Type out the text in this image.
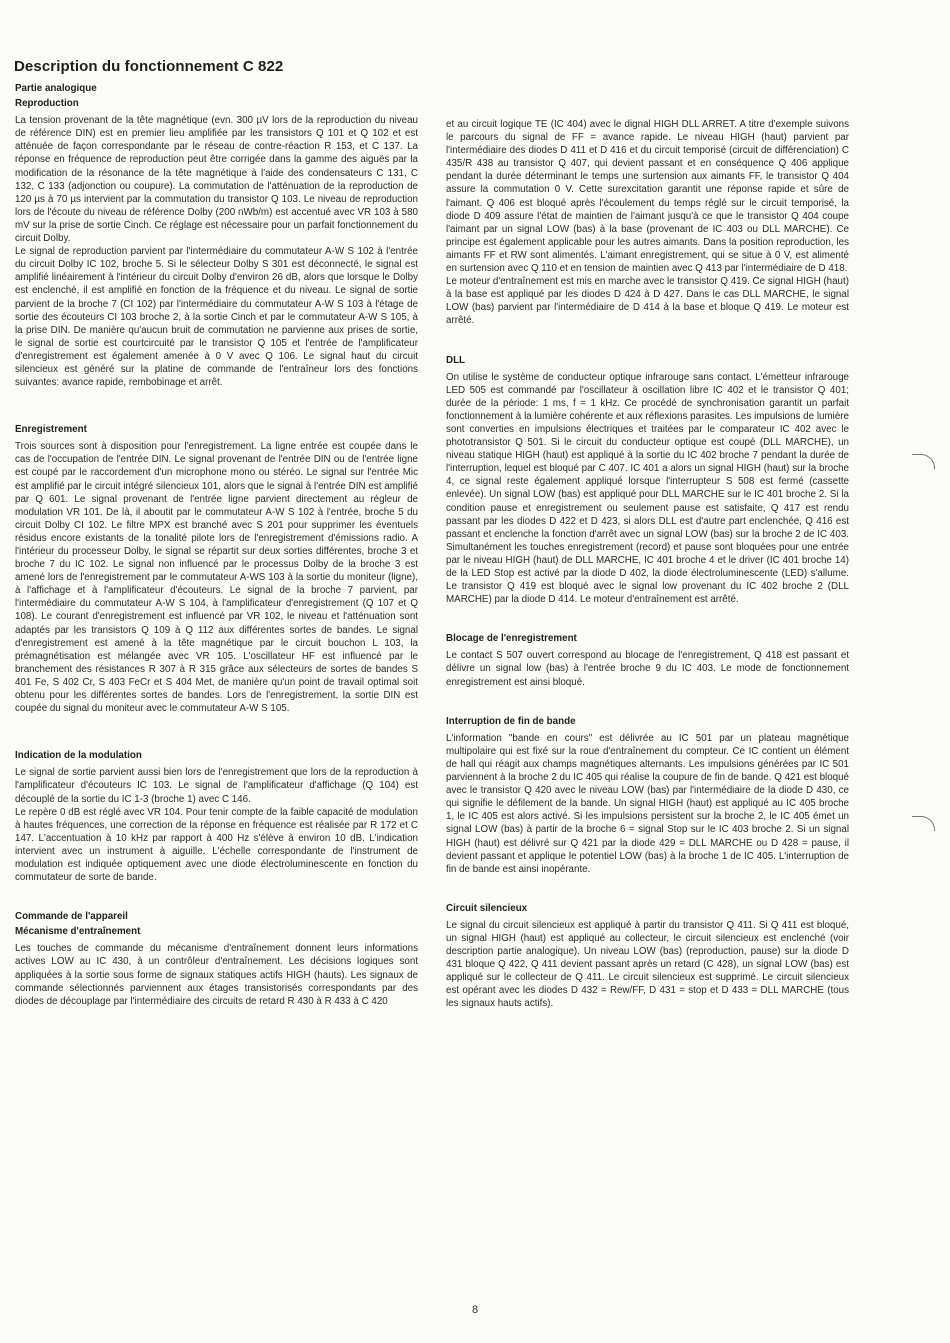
Description du fonctionnement C 822
Partie analogique
Reproduction

La tension provenant de la tête magnétique (evn. 300 µV lors de la reproduction du niveau de référence DIN) est en premier lieu amplifiée par les transistors Q 101 et Q 102 et est atténuée de façon correspondante par le réseau de contre-réaction R 153, et C 137. La réponse en fréquence de reproduction peut être corrigée dans la gamme des aiguës par la modification de la résonance de la tête magnétique à l'aide des condensateurs C 131, C 132, C 133 (adjonction ou coupure). La commutation de l'atténuation de la reproduction de 120 µs à 70 µs intervient par la commutation du transistor Q 103. Le niveau de reproduction lors de l'écoute du niveau de référence Dolby (200 nWb/m) est accentué avec VR 103 à 580 mV sur la prise de sortie Cinch. Ce réglage est nécessaire pour un parfait fonctionnement du circuit Dolby.

Le signal de reproduction parvient par l'intermédiaire du commutateur A-W S 102 à l'entrée du circuit Dolby IC 102, broche 5. Si le sélecteur Dolby S 301 est déconnecté, le signal est amplifié linéairement à l'intérieur du circuit Dolby d'environ 26 dB, alors que lorsque le Dolby est enclenché, il est amplifié en fonction de la fréquence et du niveau. Le signal de sortie parvient de la broche 7 (CI 102) par l'intermédiaire du commutateur A-W S 103 à l'étage de sortie des écouteurs CI 103 broche 2, à la sortie Cinch et par le commutateur A-W S 105, à la prise DIN. De manière qu'aucun bruit de commutation ne parvienne aux prises de sortie, le signal de sortie est courtcircuité par le transistor Q 105 et l'entrée de l'amplificateur d'enregistrement est également amenée à 0 V avec Q 106. Le signal haut du circuit silencieux est généré sur la platine de commande de l'entraîneur lors des fonctions suivantes: avance rapide, rembobinage et arrêt.

Enregistrement

Trois sources sont à disposition pour l'enregistrement. La ligne entrée est coupée dans le cas de l'occupation de l'entrée DIN. Le signal provenant de l'entrée DIN ou de l'entrée ligne est coupé par le raccordement d'un microphone mono ou stéréo. Le signal sur l'entrée Mic est amplifié par le circuit intégré silencieux 101, alors que le signal à l'entrée DIN est amplifié par Q 601. Le signal provenant de l'entrée ligne parvient directement au régleur de modulation VR 101. De là, il aboutit par le commutateur A-W S 102 à l'entrée, broche 5 du circuit Dolby CI 102. Le filtre MPX est branché avec S 201 pour supprimer les éventuels résidus encore existants de la tonalité pilote lors de l'enregistrement d'émissions radio. A l'intérieur du processeur Dolby, le signal se répartit sur deux sorties différentes, broche 3 et broche 7 du IC 102. Le signal non influencé par le processus Dolby de la broche 3 est amené lors de l'enregistrement par le commutateur A-WS 103 à la sortie du moniteur (ligne), à l'affichage et à l'amplificateur d'écouteurs. Le signal de la broche 7 parvient, par l'intermédiaire du commutateur A-W S 104, à l'amplificateur d'enregistrement (Q 107 et Q 108). Le courant d'enregistrement est influencé par VR 102, le niveau et l'atténuation sont adaptés par les transistors Q 109 à Q 112 aux différentes sortes de bandes. Le signal d'enregistrement est amené à la tête magnétique par le circuit bouchon L 103, la prémagnétisation est mélangée avec VR 105. L'oscillateur HF est influencé par le branchement des résistances R 307 à R 315 grâce aux sélecteurs de sortes de bandes S 401 Fe, S 402 Cr, S 403 FeCr et S 404 Met, de manière qu'un point de travail optimal soit obtenu pour les différentes sortes de bandes. Lors de l'enregistrement, la sortie DIN est coupée du signal du moniteur avec le commutateur A-W S 105.

Indication de la modulation

Le signal de sortie parvient aussi bien lors de l'enregistrement que lors de la reproduction à l'amplificateur d'écouteurs IC 103. Le signal de l'amplificateur d'affichage (Q 104) est découplé de la sortie du IC 1-3 (broche 1) avec C 146.

Le repère 0 dB est réglé avec VR 104. Pour tenir compte de la faible capacité de modulation à hautes fréquences, une correction de la réponse en fréquence est réalisée par R 172 et C 147. L'accentuation à 10 kHz par rapport à 400 Hz s'élève à environ 10 dB. L'indication intervient avec un instrument à aiguille. L'échelle correspondante de l'instrument de modulation est indiquée optiquement avec une diode électroluminescente en fonction du commutateur de sorte de bande.

Commande de l'appareil
Mécanisme d'entraînement

Les touches de commande du mécanisme d'entraînement donnent leurs informations actives LOW au IC 430, à un contrôleur d'entraînement. Les décisions logiques sont appliquées à la sortie sous forme de signaux statiques actifs HIGH (hauts). Les signaux de commande sélectionnés parviennent aux étages transistorisés correspondants par des diodes de découplage par l'intermédiaire des circuits de retard R 430 à R 433 à C 420

et au circuit logique TE (IC 404) avec le dignal HIGH DLL ARRET. A titre d'exemple suivons le parcours du signal de FF = avance rapide. Le niveau HIGH (haut) parvient par l'intermédiaire des diodes D 411 et D 416 et du circuit temporisé (circuit de différenciation) C 435/R 438 au transistor Q 407, qui devient passant et en conséquence Q 406 applique pendant la durée déterminant le temps une surtension aux aimants FF, le transistor Q 404 assure la commutation 0 V. Cette surexcitation garantit une réponse rapide et sûre de l'aimant. Q 406 est bloqué après l'écoulement du temps réglé sur le circuit temporisé, la diode D 409 assure l'état de maintien de l'aimant jusqu'à ce que le transistor Q 404 coupe l'aimant par un signal LOW (bas) à la base (provenant de IC 403 ou DLL MARCHE). Ce principe est également applicable pour les autres aimants. Dans la position reproduction, les aimants FF et RW sont alimentés. L'aimant enregistrement, qui se situe à 0 V, est alimenté en surtension avec Q 110 et en tension de maintien avec Q 413 par l'intermédiaire de D 418.

Le moteur d'entraînement est mis en marche avec le transistor Q 419. Ce signal HIGH (haut) à la base est appliqué par les diodes D 424 à D 427. Dans le cas DLL MARCHE, le signal LOW (bas) parvient par l'intermédiaire de D 414 à la base et bloque Q 419. Le moteur est arrêté.

DLL

On utilise le système de conducteur optique infrarouge sans contact. L'émetteur infrarouge LED 505 est commandé par l'oscillateur à oscillation libre IC 402 et le transistor Q 401; durée de la période: 1 ms, f = 1 kHz. Ce procédé de synchronisation garantit un parfait fonctionnement à la lumière cohérente et aux réflexions parasites. Les impulsions de lumière sont converties en impulsions électriques et traitées par le comparateur IC 402 avec le phototransistor Q 501. Si le circuit du conducteur optique est coupé (DLL MARCHE), un niveau statique HIGH (haut) est appliqué à la sortie du IC 402 broche 7 pendant la durée de l'interruption, lequel est bloqué par C 407. IC 401 a alors un signal HIGH (haut) sur la broche 4, ce signal reste également appliqué lorsque l'interrupteur S 508 est fermé (cassette enlevée). Un signal LOW (bas) est appliqué pour DLL MARCHE sur le IC 401 broche 2. Si la condition pause et enregistrement ou seulement pause est satisfaite, Q 417 est rendu passant par les diodes D 422 et D 423, si alors DLL est d'autre part enclenchée, Q 416 est passant et enclenche la fonction d'arrêt avec un signal LOW (bas) sur la broche 2 de IC 403. Simultanément les touches enregistrement (record) et pause sont bloquées pour une entrée par le niveau HIGH (haut) de DLL MARCHE, IC 401 broche 4 et le driver (IC 401 broche 14) de la LED Stop est activé par la diode D 402, la diode électroluminescente (LED) s'allume. Le transistor Q 419 est bloqué avec le signal low provenant du IC 402 broche 2 (DLL MARCHE) par la diode D 414. Le moteur d'entraînement est arrêté.

Blocage de l'enregistrement

Le contact S 507 ouvert correspond au blocage de l'enregistrement, Q 418 est passant et délivre un signal low (bas) à l'entrée broche 9 du IC 403. Le mode de fonctionnement enregistrement est ainsi bloqué.

Interruption de fin de bande

L'information "bande en cours" est délivrée au IC 501 par un plateau magnétique multipolaire qui est fixé sur la roue d'entraînement du compteur. Ce IC contient un élément de hall qui réagit aux champs magnétiques alternants. Les impulsions générées par IC 501 parviennent à la broche 2 du IC 405 qui réalise la coupure de fin de bande. Q 421 est bloqué avec le transistor Q 420 avec le niveau LOW (bas) par l'intermédiaire de la diode D 430, ce qui signifie le défilement de la bande. Un signal HIGH (haut) est appliqué au IC 405 broche 1, le IC 405 est alors activé. Si les impulsions persistent sur la broche 2, le IC 405 émet un signal LOW (bas) à partir de la broche 6 = signal Stop sur le IC 403 broche 2. Si un signal HIGH (haut) est délivré sur Q 421 par la diode 429 = DLL MARCHE ou D 428 = pause, il devient passant et applique le potentiel LOW (bas) à la broche 1 de IC 405. L'interruption de fin de bande est ainsi inopérante.

Circuit silencieux

Le signal du circuit silencieux est appliqué à partir du transistor Q 411. Si Q 411 est bloqué, un signal HIGH (haut) est appliqué au collecteur, le circuit silencieux est enclenché (voir description partie analogique). Un niveau LOW (bas) (reproduction, pause) sur la diode D 431 bloque Q 422, Q 411 devient passant après un retard (C 428), un signal LOW (bas) est appliqué sur le collecteur de Q 411. Le circuit silencieux est supprimé. Le circuit silencieux est opérant avec les diodes D 432 = Rew/FF, D 431 = stop et D 433 = DLL MARCHE (tous les signaux hauts actifs).

8
